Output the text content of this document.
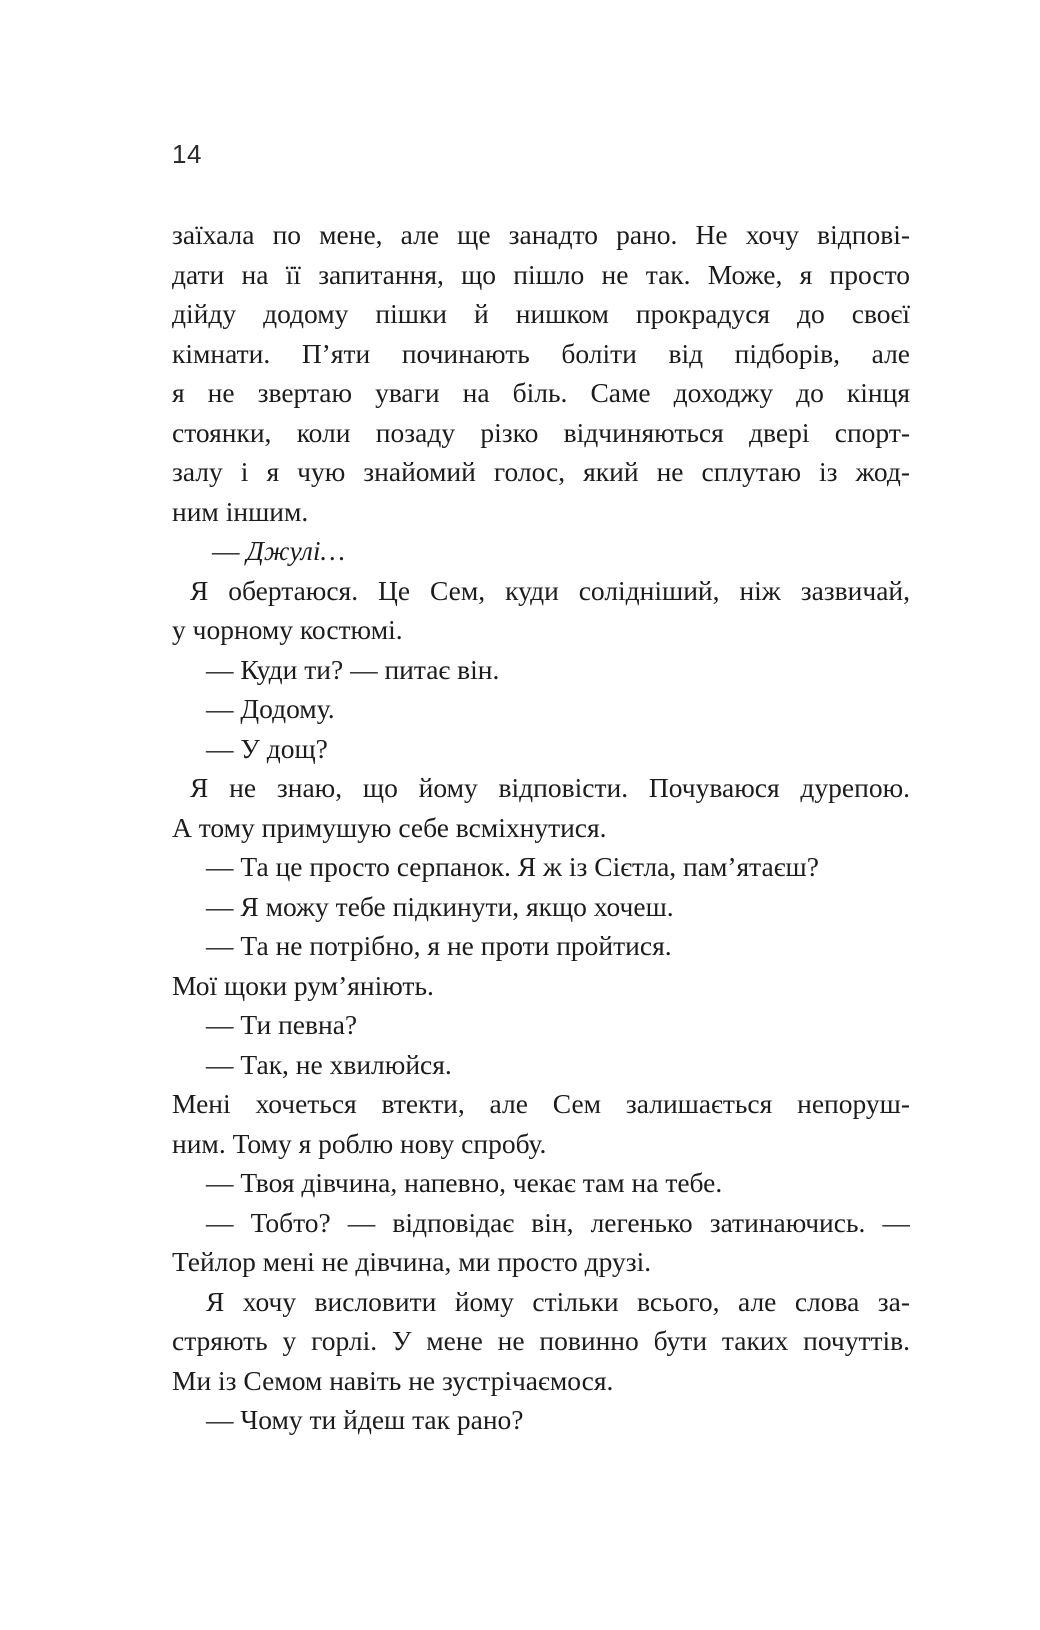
14
заїхала по мене, але ще занадто рано. Не хочу відпові-
дати на її запитання, що пішло не так. Може, я просто
дійду додому пішки й нишком прокрадуся до своєї
кімнати. П’яти починають боліти від підборів, але
я не звертаю уваги на біль. Саме доходжу до кінця
стоянки, коли позаду різко відчиняються двері спорт-
залу і я чую знайомий голос, який не сплутаю із жод-
ним іншим.
— Джулі…
Я обертаюся. Це Сем, куди солідніший, ніж зазвичай,
у чорному костюмі.
— Куди ти? — питає він.
— Додому.
— У дощ?
Я не знаю, що йому відповісти. Почуваюся дурепою.
А тому примушую себе всміхнутися.
— Та це просто серпанок. Я ж із Сієтла, пам’ятаєш?
— Я можу тебе підкинути, якщо хочеш.
— Та не потрібно, я не проти пройтися.
Мої щоки рум’яніють.
— Ти певна?
— Так, не хвилюйся.
Мені хочеться втекти, але Сем залишається непоруш-
ним. Тому я роблю нову спробу.
— Твоя дівчина, напевно, чекає там на тебе.
— Тобто? — відповідає він, легенько затинаючись. —
Тейлор мені не дівчина, ми просто друзі.
Я хочу висловити йому стільки всього, але слова за-
стряють у горлі. У мене не повинно бути таких почуттів.
Ми із Семом навіть не зустрічаємося.
— Чому ти йдеш так рано?
